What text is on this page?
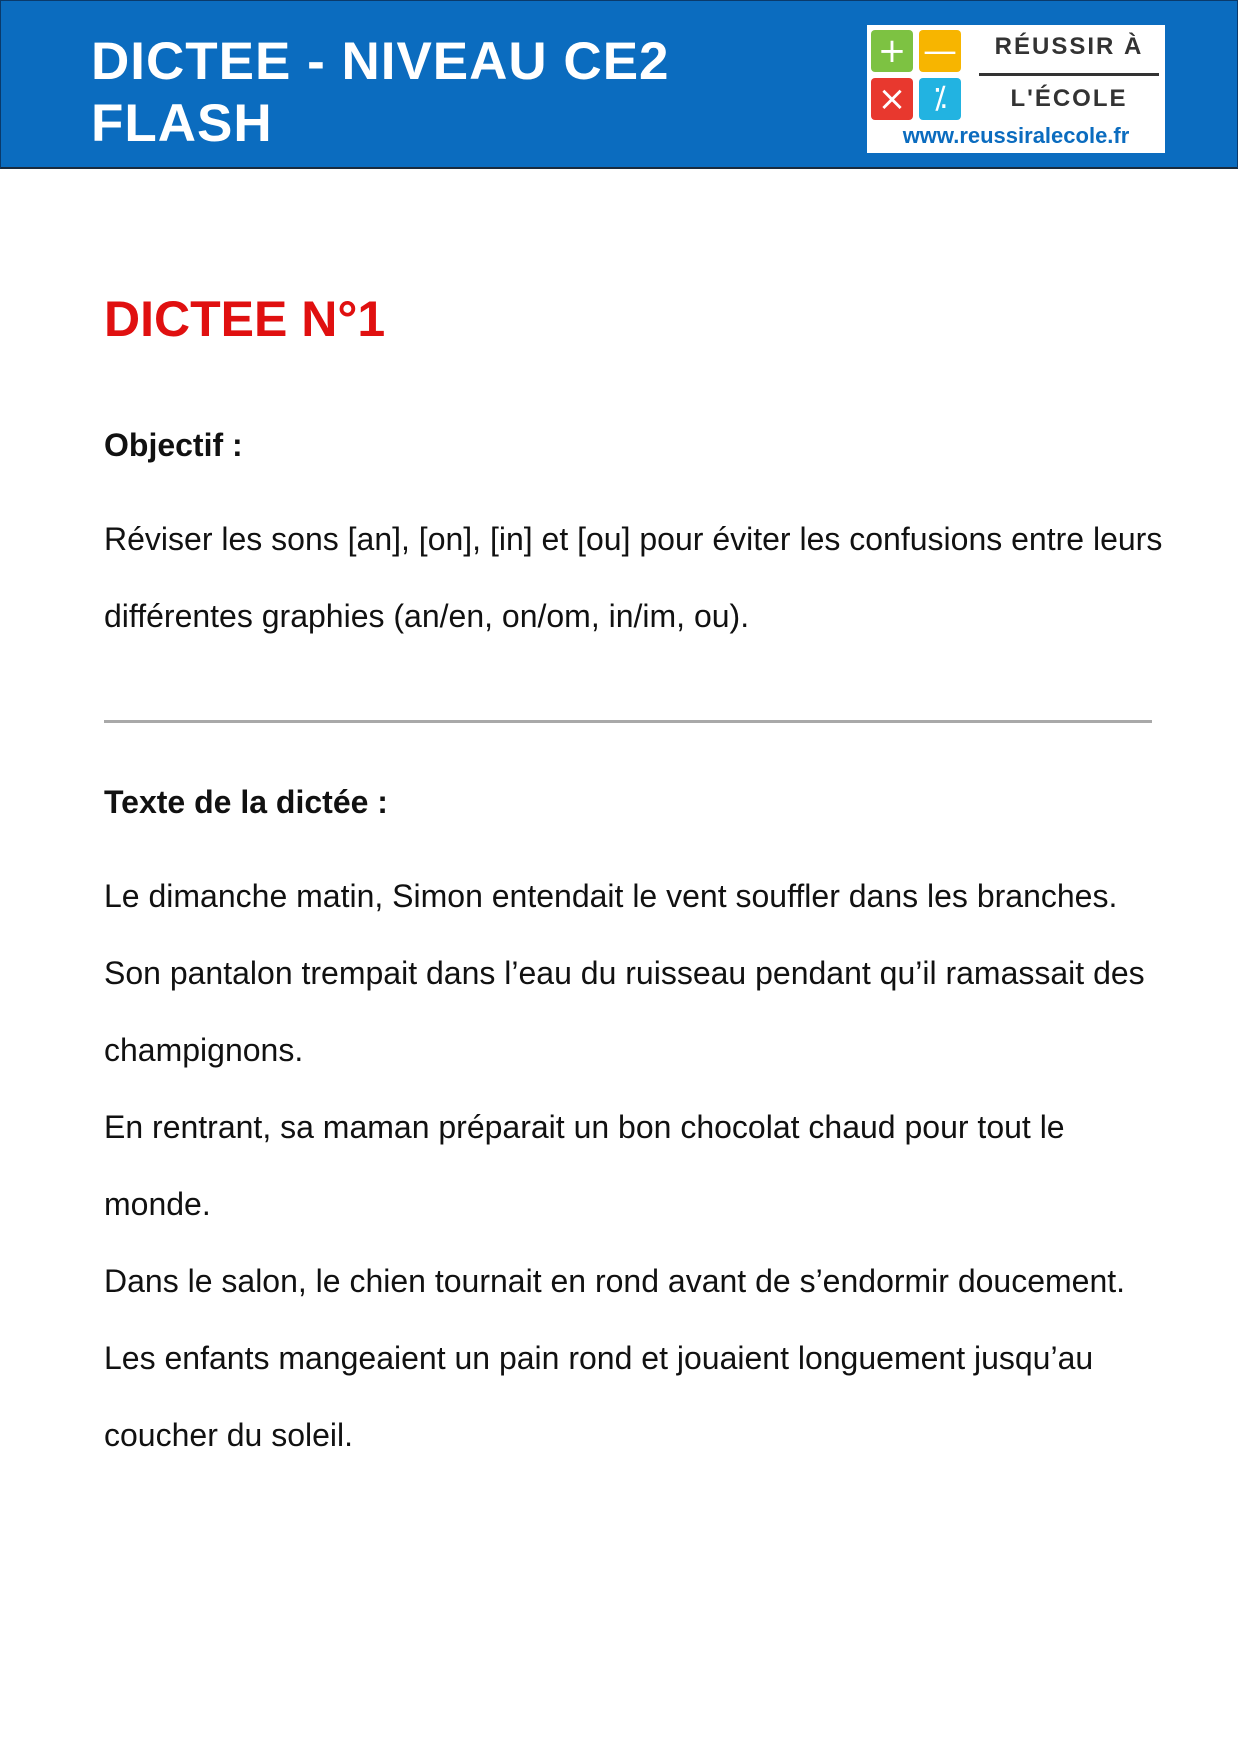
DICTEE - NIVEAU CE2
FLASH
+ —
× ⁒
RÉUSSIR À
L'ÉCOLE
www.reussiralecole.fr
DICTEE N°1
Objectif :

Réviser les sons [an], [on], [in] et [ou] pour éviter les confusions entre leurs différentes graphies (an/en, on/om, in/im, ou).

Texte de la dictée :

Le dimanche matin, Simon entendait le vent souffler dans les branches.

Son pantalon trempait dans l’eau du ruisseau pendant qu’il ramassait des champignons.

En rentrant, sa maman préparait un bon chocolat chaud pour tout le monde.

Dans le salon, le chien tournait en rond avant de s’endormir doucement.

Les enfants mangeaient un pain rond et jouaient longuement jusqu’au coucher du soleil.
